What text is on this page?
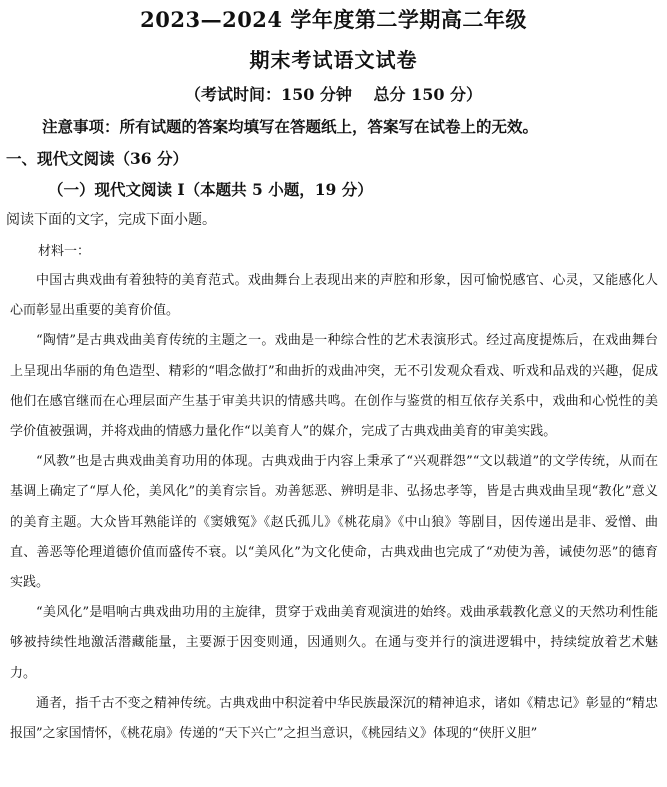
2023—2024 学年度第二学期高二年级
期末考试语文试卷
（考试时间：150 分钟　 总分 150 分）
注意事项：所有试题的答案均填写在答题纸上，答案写在试卷上的无效。
一、现代文阅读（36 分）
（一）现代文阅读 Ⅰ（本题共 5 小题，19 分）
阅读下面的文字，完成下面小题。
材料一：

中国古典戏曲有着独特的美育范式。戏曲舞台上表现出来的声腔和形象，因可愉悦感官、心灵，又能感化人心而彰显出重要的美育价值。

“陶情”是古典戏曲美育传统的主题之一。戏曲是一种综合性的艺术表演形式。经过高度提炼后，在戏曲舞台上呈现出华丽的角色造型、精彩的“唱念做打”和曲折的戏曲冲突，无不引发观众看戏、听戏和品戏的兴趣，促成他们在感官继而在心理层面产生基于审美共识的情感共鸣。在创作与鉴赏的相互依存关系中，戏曲和心悦性的美学价值被强调，并将戏曲的情感力量化作“以美育人”的媒介，完成了古典戏曲美育的审美实践。

“风教”也是古典戏曲美育功用的体现。古典戏曲于内容上秉承了“兴观群怨”“文以载道”的文学传统，从而在基调上确定了“厚人伦，美风化”的美育宗旨。劝善惩恶、辨明是非、弘扬忠孝等，皆是古典戏曲呈现“教化”意义的美育主题。大众皆耳熟能详的《窦娥冤》《赵氏孤儿》《桃花扇》《中山狼》等剧目，因传递出是非、爱憎、曲直、善恶等伦理道德价值而盛传不衰。以“美风化”为文化使命，古典戏曲也完成了“劝使为善，诫使勿恶”的德育实践。

“美风化”是唱响古典戏曲功用的主旋律，贯穿于戏曲美育观演进的始终。戏曲承载教化意义的天然功利性能够被持续性地激活潜藏能量，主要源于因变则通，因通则久。在通与变并行的演进逻辑中，持续绽放着艺术魅力。

通者，指千古不变之精神传统。古典戏曲中积淀着中华民族最深沉的精神追求，诸如《精忠记》彰显的“精忠报国”之家国情怀，《桃花扇》传递的“天下兴亡”之担当意识，《桃园结义》体现的“侠肝义胆”
